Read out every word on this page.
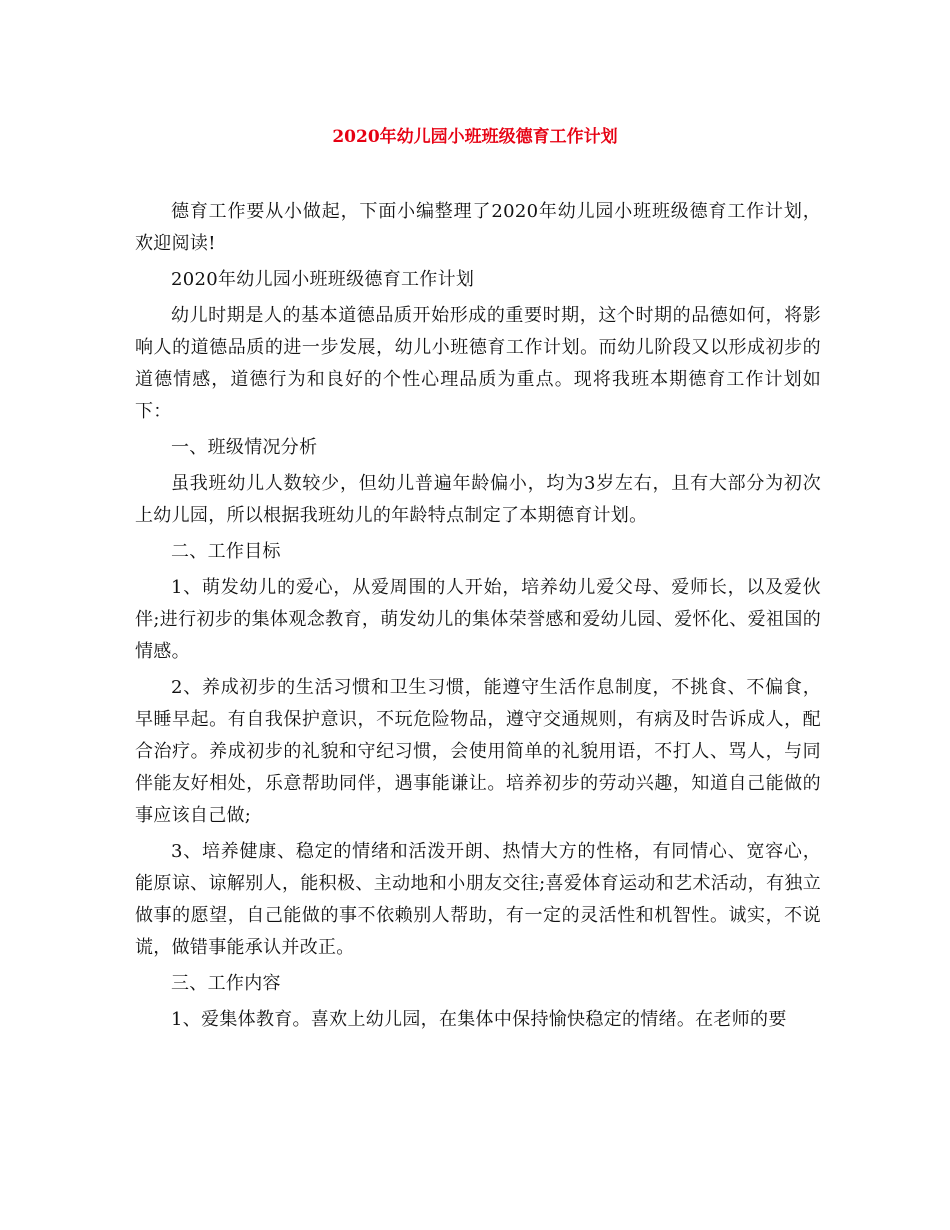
2020年幼儿园小班班级德育工作计划

德育工作要从小做起，下面小编整理了2020年幼儿园小班班级德育工作计划，欢迎阅读!

2020年幼儿园小班班级德育工作计划

幼儿时期是人的基本道德品质开始形成的重要时期，这个时期的品德如何，将影响人的道德品质的进一步发展，幼儿小班德育工作计划。而幼儿阶段又以形成初步的道德情感，道德行为和良好的个性心理品质为重点。现将我班本期德育工作计划如下：

一、班级情况分析

虽我班幼儿人数较少，但幼儿普遍年龄偏小，均为3岁左右，且有大部分为初次上幼儿园，所以根据我班幼儿的年龄特点制定了本期德育计划。

二、工作目标

1、萌发幼儿的爱心，从爱周围的人开始，培养幼儿爱父母、爱师长，以及爱伙伴;进行初步的集体观念教育，萌发幼儿的集体荣誉感和爱幼儿园、爱怀化、爱祖国的情感。

2、养成初步的生活习惯和卫生习惯，能遵守生活作息制度，不挑食、不偏食，早睡早起。有自我保护意识，不玩危险物品，遵守交通规则，有病及时告诉成人，配合治疗。养成初步的礼貌和守纪习惯，会使用简单的礼貌用语，不打人、骂人，与同伴能友好相处，乐意帮助同伴，遇事能谦让。培养初步的劳动兴趣，知道自己能做的事应该自己做;

3、培养健康、稳定的情绪和活泼开朗、热情大方的性格，有同情心、宽容心，能原谅、谅解别人，能积极、主动地和小朋友交往;喜爱体育运动和艺术活动，有独立做事的愿望，自己能做的事不依赖别人帮助，有一定的灵活性和机智性。诚实，不说谎，做错事能承认并改正。

三、工作内容

1、爱集体教育。喜欢上幼儿园，在集体中保持愉快稳定的情绪。在老师的要
